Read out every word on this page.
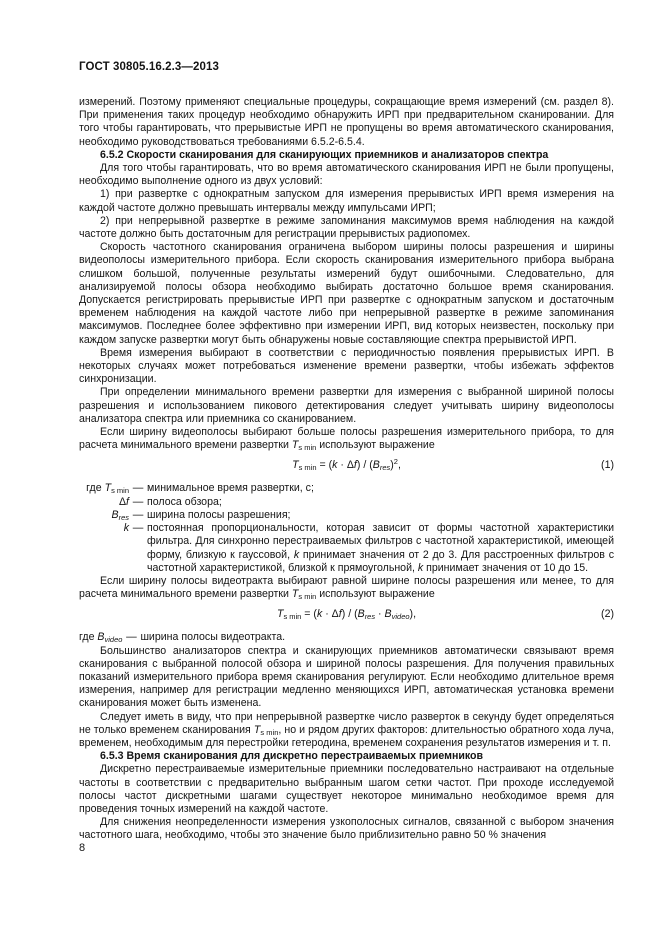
ГОСТ 30805.16.2.3—2013

измерений. Поэтому применяют специальные процедуры, сокращающие время измерений (см. раздел 8). При применения таких процедур необходимо обнаружить ИРП при предварительном сканировании. Для того чтобы гарантировать, что прерывистые ИРП не пропущены во время автоматического сканирования, необходимо руководствоваться требованиями 6.5.2-6.5.4.

6.5.2 Скорости сканирования для сканирующих приемников и анализаторов спектра

Для того чтобы гарантировать, что во время автоматического сканирования ИРП не были пропущены, необходимо выполнение одного из двух условий:

1) при развертке с однократным запуском для измерения прерывистых ИРП время измерения на каждой частоте должно превышать интервалы между импульсами ИРП;

2) при непрерывной развертке в режиме запоминания максимумов время наблюдения на каждой частоте должно быть достаточным для регистрации прерывистых радиопомех.

Скорость частотного сканирования ограничена выбором ширины полосы разрешения и ширины видеополосы измерительного прибора. Если скорость сканирования измерительного прибора выбрана слишком большой, полученные результаты измерений будут ошибочными. Следовательно, для анализируемой полосы обзора необходимо выбирать достаточно большое время сканирования. Допускается регистрировать прерывистые ИРП при развертке с однократным запуском и достаточным временем наблюдения на каждой частоте либо при непрерывной развертке в режиме запоминания максимумов. Последнее более эффективно при измерении ИРП, вид которых неизвестен, поскольку при каждом запуске развертки могут быть обнаружены новые составляющие спектра прерывистой ИРП.

Время измерения выбирают в соответствии с периодичностью появления прерывистых ИРП. В некоторых случаях может потребоваться изменение времени развертки, чтобы избежать эффектов синхронизации.

При определении минимального времени развертки для измерения с выбранной шириной полосы разрешения и использованием пикового детектирования следует учитывать ширину видеополосы анализатора спектра или приемника со сканированием.

Если ширину видеополосы выбирают больше полосы разрешения измерительного прибора, то для расчета минимального времени развертки $T_{s min}$ используют выражение

$T_{s min} = (k \cdot \Delta f) / (B_{res})^2$,	(1)
где $T_{s min}$ — минимальное время развертки, с;
Δf — полоса обзора;
$B_{res}$ — ширина полосы разрешения;
k — постоянная пропорциональности, которая зависит от формы частотной характеристики фильтра. Для синхронно перестраиваемых фильтров с частотной характеристикой, имеющей форму, близкую к гауссовой, k принимает значения от 2 до 3. Для расстроенных фильтров с частотной характеристикой, близкой к прямоугольной, k принимает значения от 10 до 15.

Если ширину полосы видеотракта выбирают равной ширине полосы разрешения или менее, то для расчета минимального времени развертки $T_{s min}$ используют выражение

$T_{s min} = (k \cdot \Delta f) / (B_{res} \cdot B_{video})$,	(2)
где $B_{video}$ — ширина полосы видеотракта.

Большинство анализаторов спектра и сканирующих приемников автоматически связывают время сканирования с выбранной полосой обзора и шириной полосы разрешения. Для получения правильных показаний измерительного прибора время сканирования регулируют. Если необходимо длительное время измерения, например для регистрации медленно меняющихся ИРП, автоматическая установка времени сканирования может быть изменена.

Следует иметь в виду, что при непрерывной развертке число разверток в секунду будет определяться не только временем сканирования $T_{s min}$, но и рядом других факторов: длительностью обратного хода луча, временем, необходимым для перестройки гетеродина, временем сохранения результатов измерения и т. п.

6.5.3 Время сканирования для дискретно перестраиваемых приемников

Дискретно перестраиваемые измерительные приемники последовательно настраивают на отдельные частоты в соответствии с предварительно выбранным шагом сетки частот. При проходе исследуемой полосы частот дискретными шагами существует некоторое минимально необходимое время для проведения точных измерений на каждой частоте.

Для снижения неопределенности измерения узкополосных сигналов, связанной с выбором значения частотного шага, необходимо, чтобы это значение было приблизительно равно 50 % значения

8
